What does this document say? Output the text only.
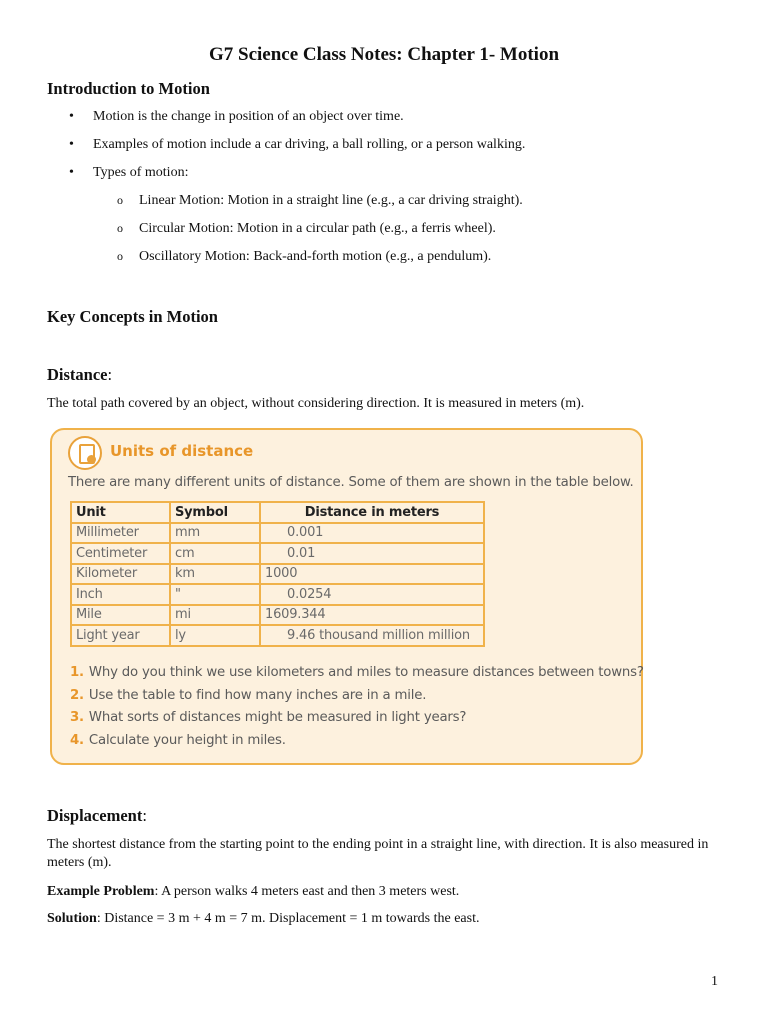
G7 Science Class Notes: Chapter 1- Motion
Introduction to Motion
• Motion is the change in position of an object over time.
• Examples of motion include a car driving, a ball rolling, or a person walking.
• Types of motion:
o Linear Motion: Motion in a straight line (e.g., a car driving straight).
o Circular Motion: Motion in a circular path (e.g., a ferris wheel).
o Oscillatory Motion: Back-and-forth motion (e.g., a pendulum).
Key Concepts in Motion
Distance:

The total path covered by an object, without considering direction. It is measured in meters (m).

Units of distance
There are many different units of distance. Some of them are shown in the table below.
Unit	Symbol	Distance in meters
Millimeter	mm	0.001
Centimeter	cm	0.01
Kilometer	km	1000
Inch	"	0.0254
Mile	mi	1609.344
Light year	ly	9.46 thousand million million
1. Why do you think we use kilometers and miles to measure distances between towns?
2. Use the table to find how many inches are in a mile.
3. What sorts of distances might be measured in light years?
4. Calculate your height in miles.
Displacement:

The shortest distance from the starting point to the ending point in a straight line, with direction. It is also measured in meters (m).

Example Problem: A person walks 4 meters east and then 3 meters west.

Solution: Distance = 3 m + 4 m = 7 m. Displacement = 1 m towards the east.

1
